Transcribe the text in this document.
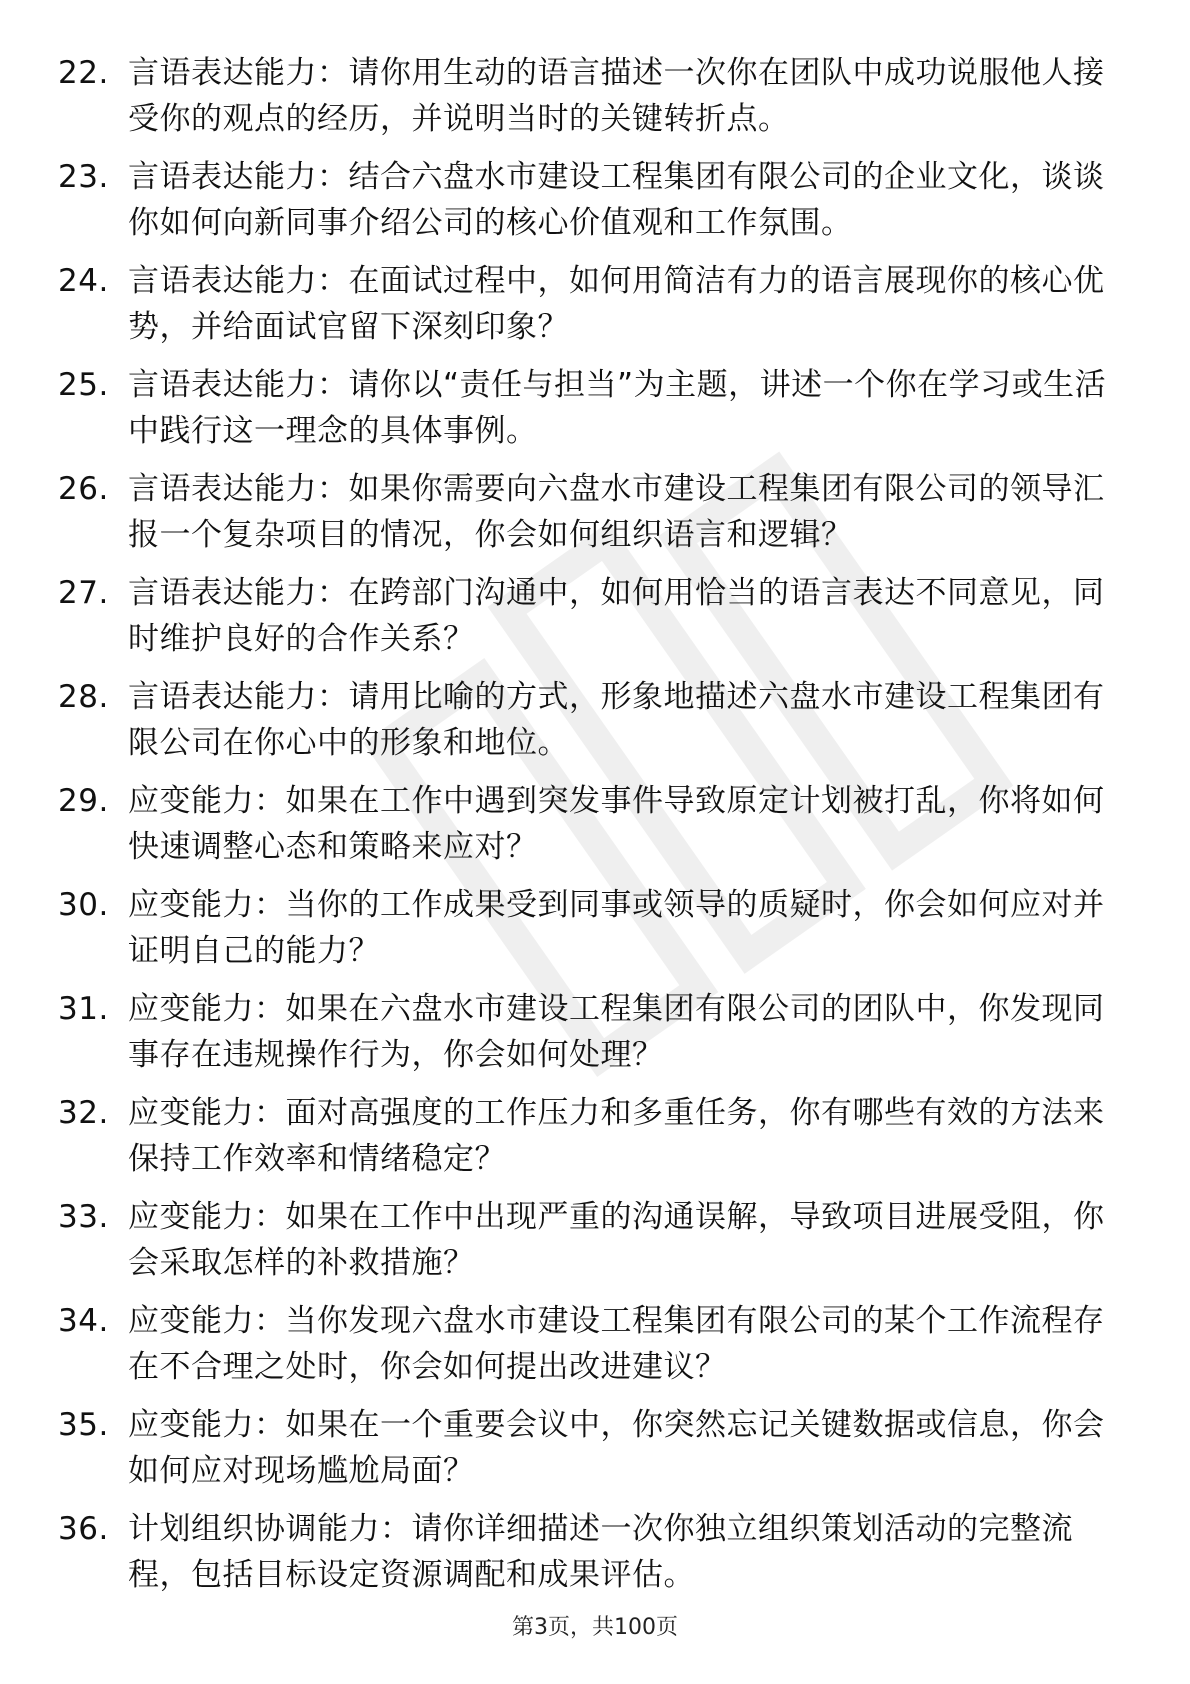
22. 言语表达能力：请你用生动的语言描述一次你在团队中成功说服他人接受你的观点的经历，并说明当时的关键转折点。
23. 言语表达能力：结合六盘水市建设工程集团有限公司的企业文化，谈谈你如何向新同事介绍公司的核心价值观和工作氛围。
24. 言语表达能力：在面试过程中，如何用简洁有力的语言展现你的核心优势，并给面试官留下深刻印象？
25. 言语表达能力：请你以“责任与担当”为主题，讲述一个你在学习或生活中践行这一理念的具体事例。
26. 言语表达能力：如果你需要向六盘水市建设工程集团有限公司的领导汇报一个复杂项目的情况，你会如何组织语言和逻辑？
27. 言语表达能力：在跨部门沟通中，如何用恰当的语言表达不同意见，同时维护良好的合作关系？
28. 言语表达能力：请用比喻的方式，形象地描述六盘水市建设工程集团有限公司在你心中的形象和地位。
29. 应变能力：如果在工作中遇到突发事件导致原定计划被打乱，你将如何快速调整心态和策略来应对？
30. 应变能力：当你的工作成果受到同事或领导的质疑时，你会如何应对并证明自己的能力？
31. 应变能力：如果在六盘水市建设工程集团有限公司的团队中，你发现同事存在违规操作行为，你会如何处理？
32. 应变能力：面对高强度的工作压力和多重任务，你有哪些有效的方法来保持工作效率和情绪稳定？
33. 应变能力：如果在工作中出现严重的沟通误解，导致项目进展受阻，你会采取怎样的补救措施？
34. 应变能力：当你发现六盘水市建设工程集团有限公司的某个工作流程存在不合理之处时，你会如何提出改进建议？
35. 应变能力：如果在一个重要会议中，你突然忘记关键数据或信息，你会如何应对现场尴尬局面？
36. 计划组织协调能力：请你详细描述一次你独立组织策划活动的完整流程，包括目标设定资源调配和成果评估。
第3页，共100页
